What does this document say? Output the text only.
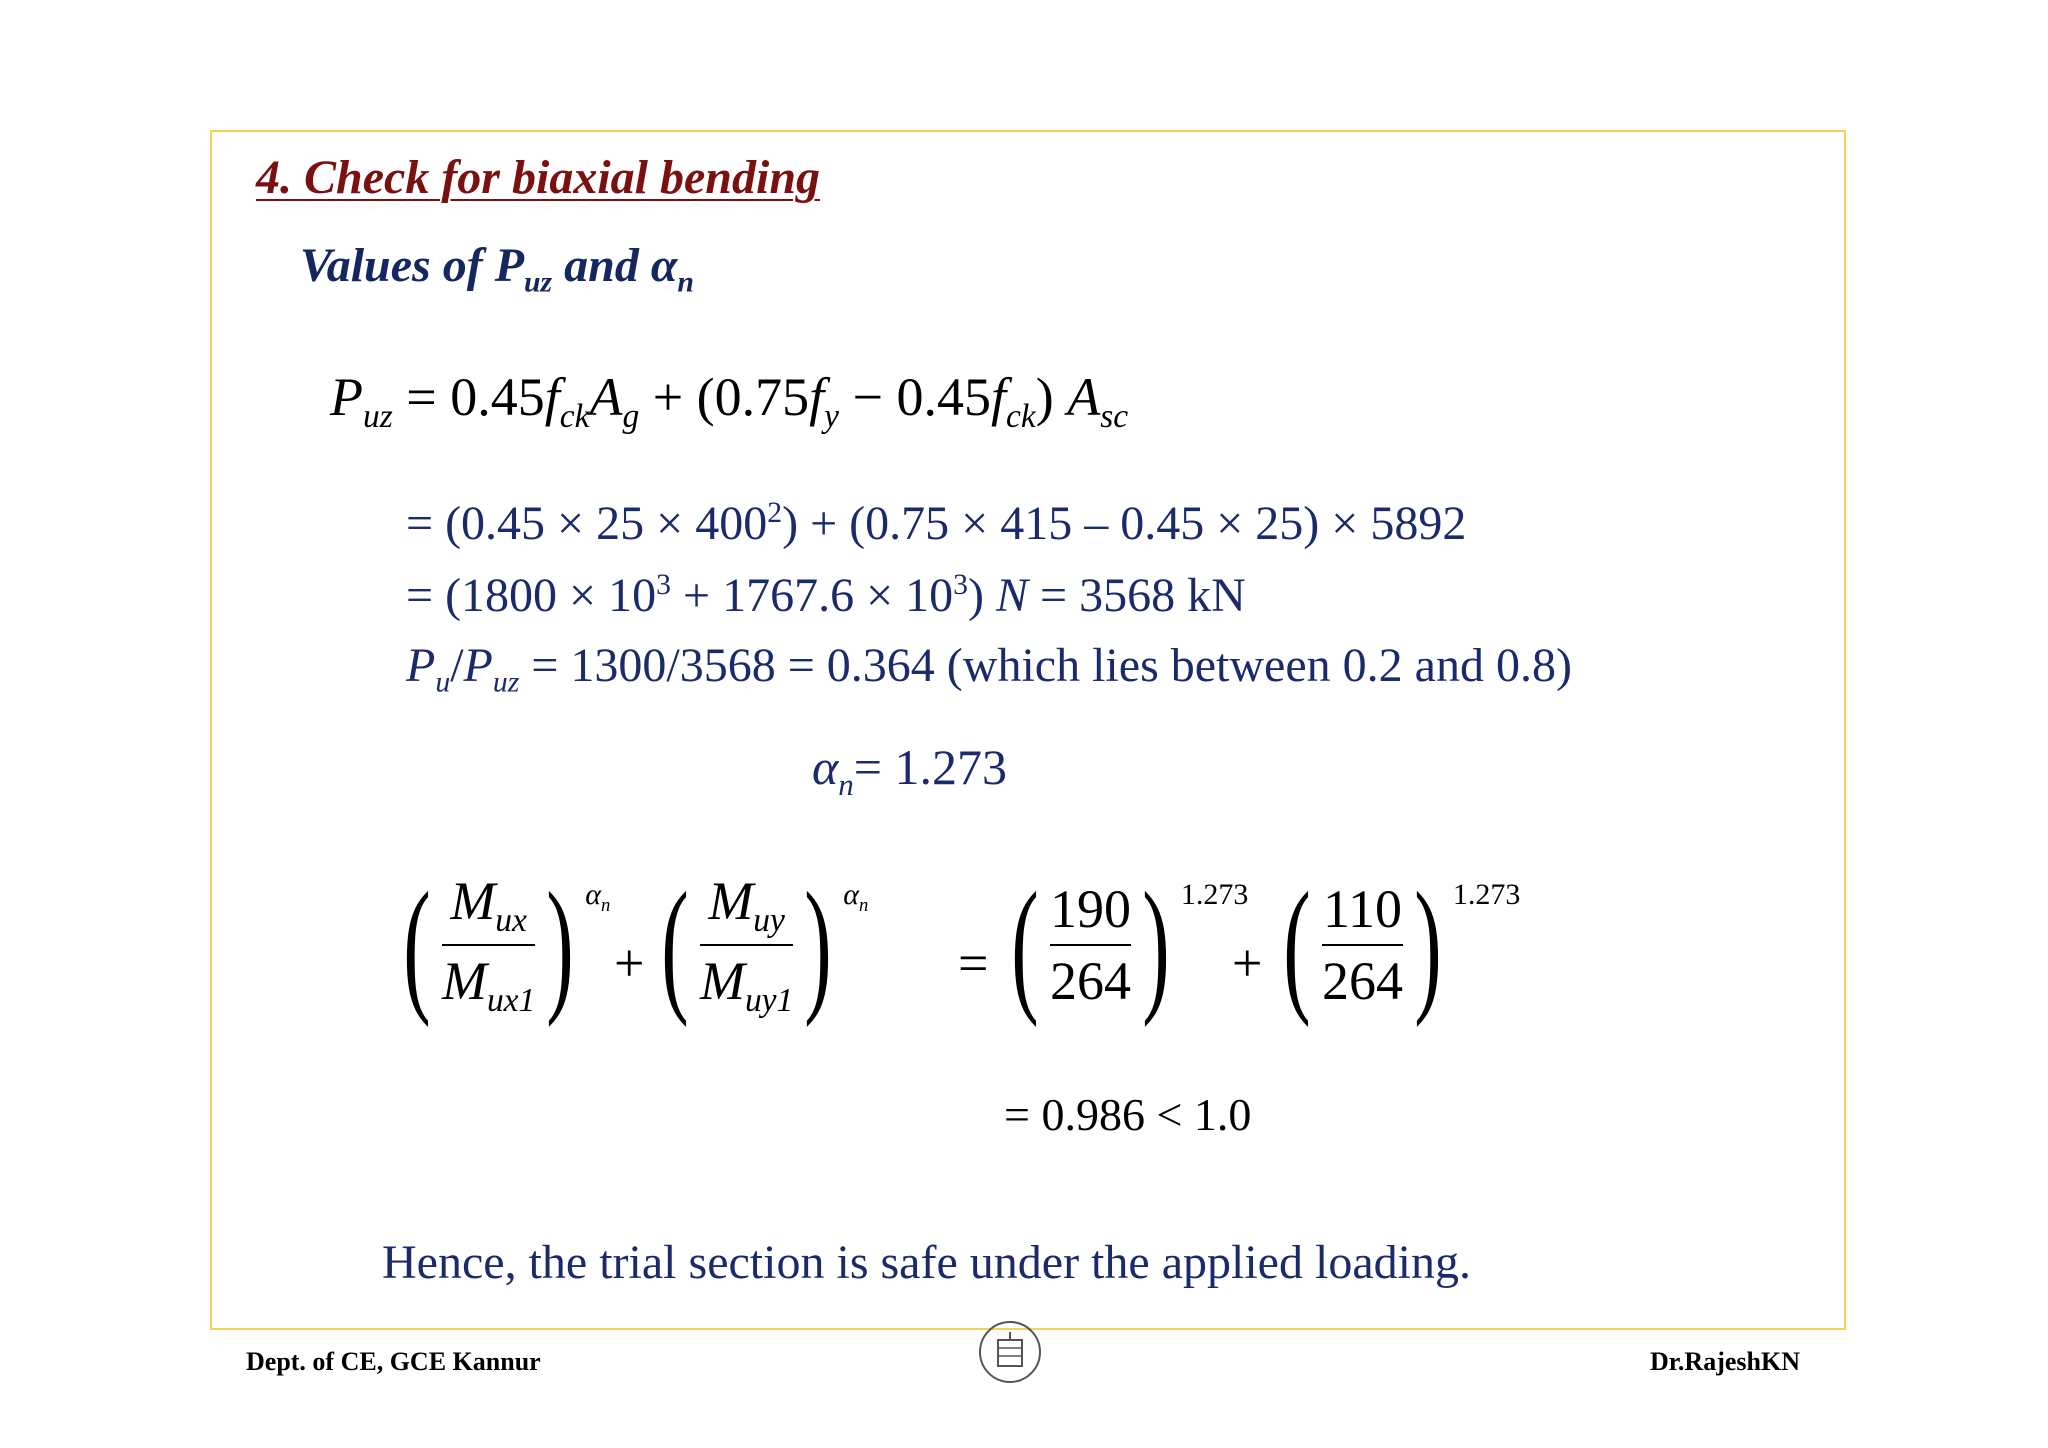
4. Check for biaxial bending
Values of $P_{uz}$ and $\alpha_n$
$P_{uz} = 0.45f_{ck}A_g + (0.75f_y - 0.45f_{ck})$ $A_{sc}$
= $(0.45 \times 25 \times 400^2) + (0.75 \times 415 - 0.45 \times 25) \times 5892$
= $(1800 \times 10^3 + 1767.6 \times 10^3)$ N = 3568 kN
$P_u/P_{uz} = 1300/3568 = 0.364$ (which lies between 0.2 and 0.8)
$\alpha_n= 1.273$
( $\frac{M_{ux}}{M_{ux1}}$ ) $\alpha_n$
+ ( $\frac{M_{uy}}{M_{uy1}}$ ) $\alpha_n$
= ( $\frac{190}{264}$ ) 1.273
+ ( $\frac{110}{264}$ ) 1.273
= 0.986 < 1.0
Hence, the trial section is safe under the applied loading.
Dept. of CE, GCE Kannur	Dr.RajeshKN
